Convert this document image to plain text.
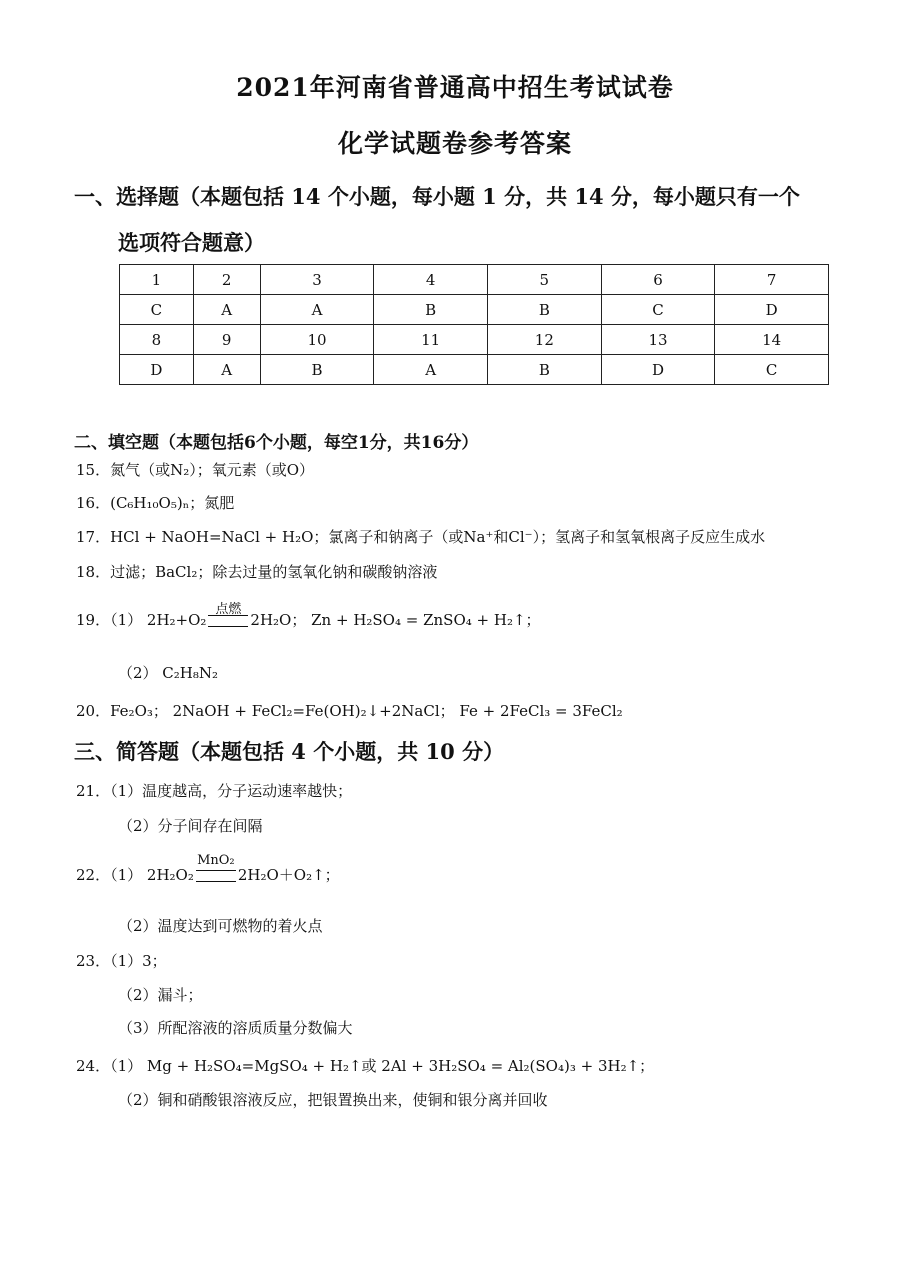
2021年河南省普通高中招生考试试卷
化学试题卷参考答案
一、选择题（本题包括 14 个小题，每小题 1 分，共 14 分，每小题只有一个
选项符合题意）
1	2	3	4	5	6	7
C	A	A	B	B	C	D
8	9	10	11	12	13	14
D	A	B	A	B	D	C
二、填空题（本题包括6个小题，每空1分，共16分）
15．氮气（或N₂）；氧元素（或O）
16．(C₆H₁₀O₅)ₙ；氮肥
17．HCl + NaOH=NaCl + H₂O；氯离子和钠离子（或Na⁺和Cl⁻）；氢离子和氢氧根离子反应生成水
18．过滤；BaCl₂；除去过量的氢氧化钠和碳酸钠溶液
19．（1） 2H₂+O₂
点燃
2H₂O； Zn + H₂SO₄ = ZnSO₄ + H₂↑；
（2） C₂H₈N₂
20．Fe₂O₃； 2NaOH + FeCl₂=Fe(OH)₂↓+2NaCl； Fe + 2FeCl₃ = 3FeCl₂
三、简答题（本题包括 4 个小题，共 10 分）
21．（1）温度越高，分子运动速率越快；
（2）分子间存在间隔
22．（1） 2H₂O₂
MnO₂
2H₂O＋O₂↑；
（2）温度达到可燃物的着火点
23．（1）3；
（2）漏斗；
（3）所配溶液的溶质质量分数偏大
24．（1） Mg + H₂SO₄=MgSO₄ + H₂↑或 2Al + 3H₂SO₄ = Al₂(SO₄)₃ + 3H₂↑；
（2）铜和硝酸银溶液反应，把银置换出来，使铜和银分离并回收
